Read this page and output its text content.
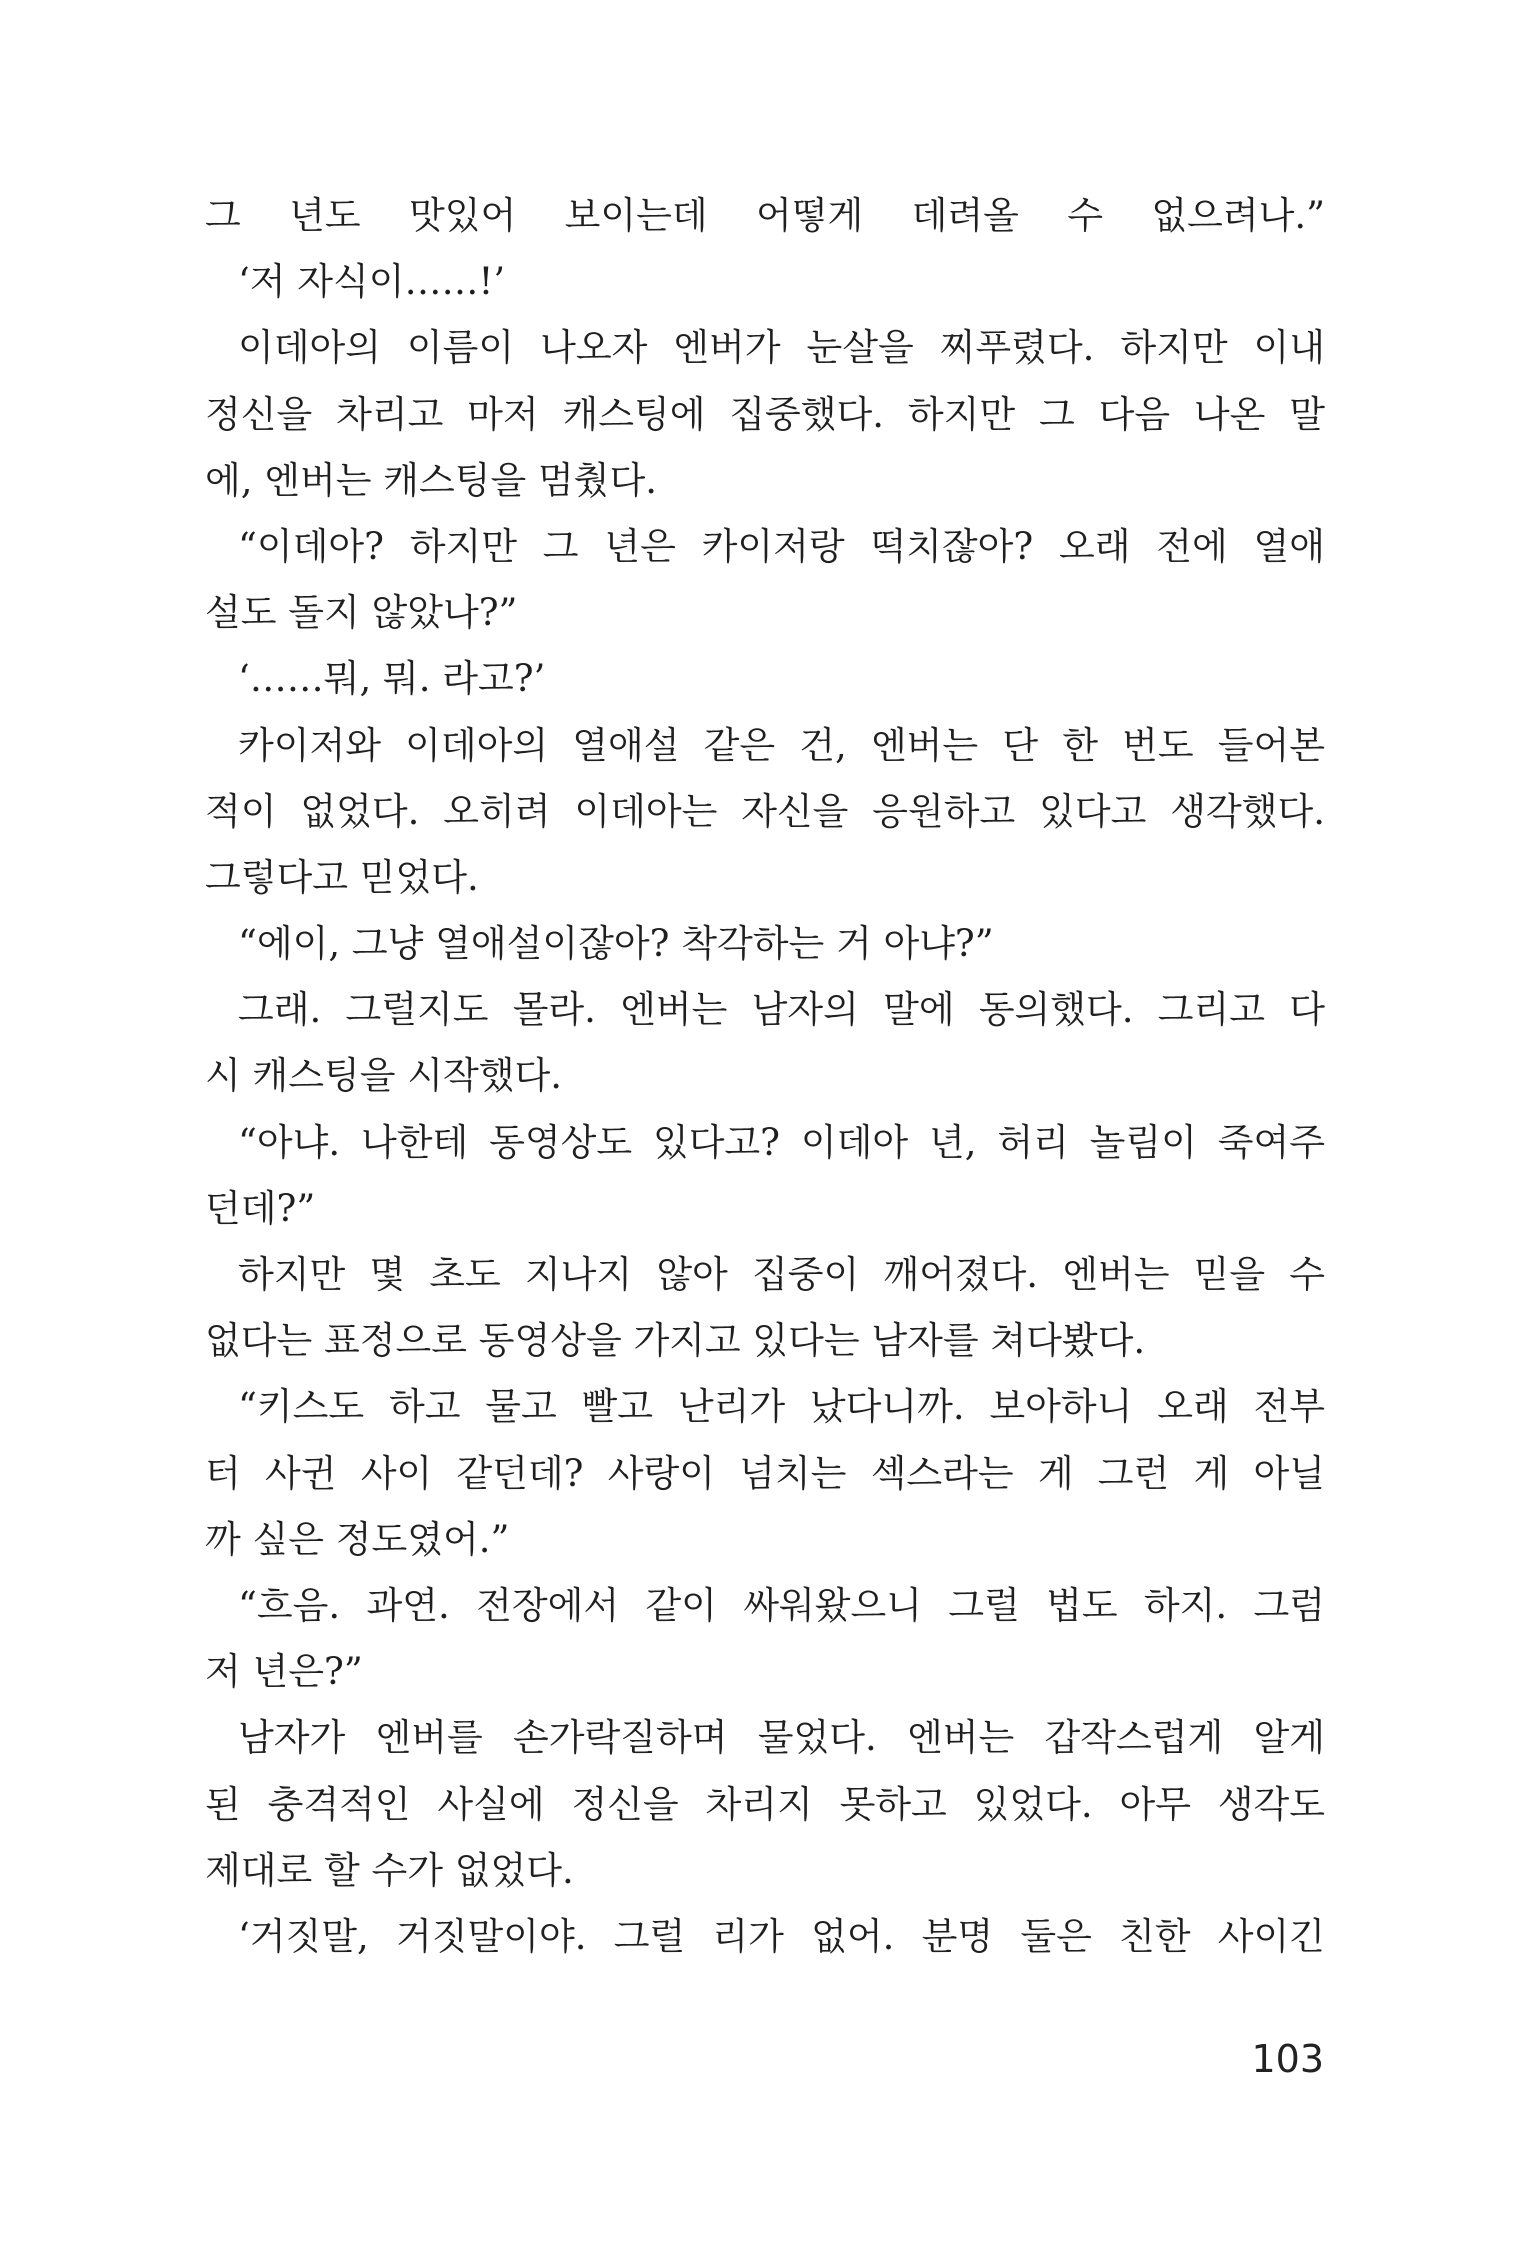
그 년도 맛있어 보이는데 어떻게 데려올 수 없으려나.”
‘저 자식이……!’
이데아의 이름이 나오자 엔버가 눈살을 찌푸렸다. 하지만 이내
정신을 차리고 마저 캐스팅에 집중했다. 하지만 그 다음 나온 말
에, 엔버는 캐스팅을 멈췄다.
“이데아? 하지만 그 년은 카이저랑 떡치잖아? 오래 전에 열애
설도 돌지 않았나?”
‘……뭐, 뭐. 라고?’
카이저와 이데아의 열애설 같은 건, 엔버는 단 한 번도 들어본
적이 없었다. 오히려 이데아는 자신을 응원하고 있다고 생각했다.
그렇다고 믿었다.
“에이, 그냥 열애설이잖아? 착각하는 거 아냐?”
그래. 그럴지도 몰라. 엔버는 남자의 말에 동의했다. 그리고 다
시 캐스팅을 시작했다.
“아냐. 나한테 동영상도 있다고? 이데아 년, 허리 놀림이 죽여주
던데?”
하지만 몇 초도 지나지 않아 집중이 깨어졌다. 엔버는 믿을 수
없다는 표정으로 동영상을 가지고 있다는 남자를 쳐다봤다.
“키스도 하고 물고 빨고 난리가 났다니까. 보아하니 오래 전부
터 사귄 사이 같던데? 사랑이 넘치는 섹스라는 게 그런 게 아닐
까 싶은 정도였어.”
“흐음. 과연. 전장에서 같이 싸워왔으니 그럴 법도 하지. 그럼
저 년은?”
남자가 엔버를 손가락질하며 물었다. 엔버는 갑작스럽게 알게
된 충격적인 사실에 정신을 차리지 못하고 있었다. 아무 생각도
제대로 할 수가 없었다.
‘거짓말, 거짓말이야. 그럴 리가 없어. 분명 둘은 친한 사이긴
103
